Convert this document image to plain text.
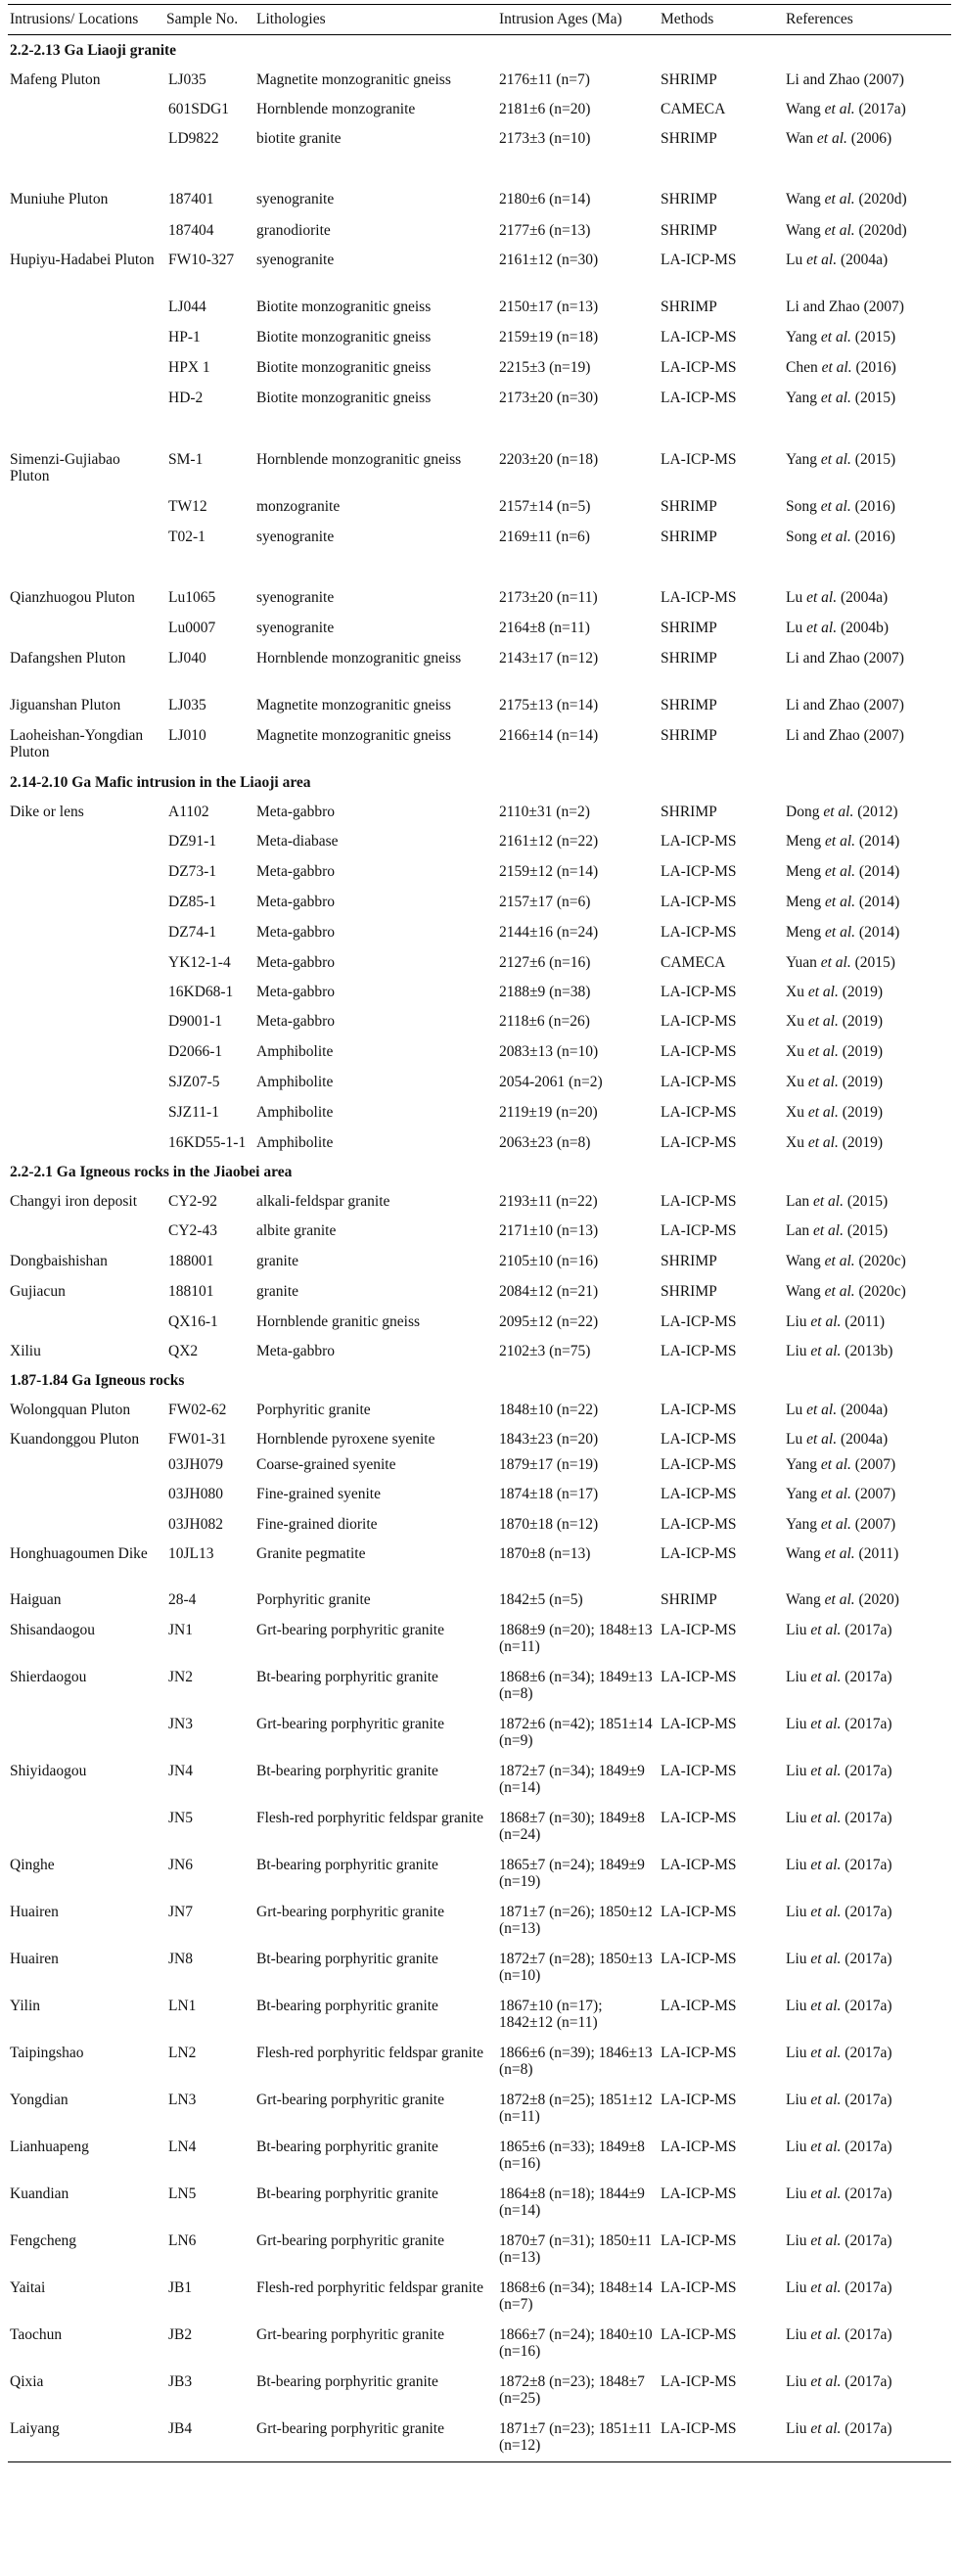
Intrusions/ Locations	Sample No.	Lithologies	Intrusion Ages (Ma)	Methods	References
2.2-2.13 Ga Liaoji granite					
Mafeng Pluton	LJ035	Magnetite monzogranitic gneiss	2176±11 (n=7)	SHRIMP	Li and Zhao (2007)
	601SDG1	Hornblende monzogranite	2181±6 (n=20)	CAMECA	Wang et al. (2017a)
	LD9822	biotite granite	2173±3 (n=10)	SHRIMP	Wan et al. (2006)
Muniuhe Pluton	187401	syenogranite	2180±6 (n=14)	SHRIMP	Wang et al. (2020d)
	187404	granodiorite	2177±6 (n=13)	SHRIMP	Wang et al. (2020d)
Hupiyu-Hadabei Pluton	FW10-327	syenogranite	2161±12 (n=30)	LA-ICP-MS	Lu et al. (2004a)
	LJ044	Biotite monzogranitic gneiss	2150±17 (n=13)	SHRIMP	Li and Zhao (2007)
	HP-1	Biotite monzogranitic gneiss	2159±19 (n=18)	LA-ICP-MS	Yang et al. (2015)
	HPX 1	Biotite monzogranitic gneiss	2215±3 (n=19)	LA-ICP-MS	Chen et al. (2016)
	HD-2	Biotite monzogranitic gneiss	2173±20 (n=30)	LA-ICP-MS	Yang et al. (2015)
Simenzi-Gujiabao Pluton	SM-1	Hornblende monzogranitic gneiss	2203±20 (n=18)	LA-ICP-MS	Yang et al. (2015)
	TW12	monzogranite	2157±14 (n=5)	SHRIMP	Song et al. (2016)
	T02-1	syenogranite	2169±11 (n=6)	SHRIMP	Song et al. (2016)
Qianzhuogou Pluton	Lu1065	syenogranite	2173±20 (n=11)	LA-ICP-MS	Lu et al. (2004a)
	Lu0007	syenogranite	2164±8 (n=11)	SHRIMP	Lu et al. (2004b)
Dafangshen Pluton	LJ040	Hornblende monzogranitic gneiss	2143±17 (n=12)	SHRIMP	Li and Zhao (2007)
Jiguanshan Pluton	LJ035	Magnetite monzogranitic gneiss	2175±13 (n=14)	SHRIMP	Li and Zhao (2007)
Laoheishan-Yongdian Pluton	LJ010	Magnetite monzogranitic gneiss	2166±14 (n=14)	SHRIMP	Li and Zhao (2007)
2.14-2.10 Ga Mafic intrusion in the Liaoji area					
Dike or lens	A1102	Meta-gabbro	2110±31 (n=2)	SHRIMP	Dong et al. (2012)
	DZ91-1	Meta-diabase	2161±12 (n=22)	LA-ICP-MS	Meng et al. (2014)
	DZ73-1	Meta-gabbro	2159±12 (n=14)	LA-ICP-MS	Meng et al. (2014)
	DZ85-1	Meta-gabbro	2157±17 (n=6)	LA-ICP-MS	Meng et al. (2014)
	DZ74-1	Meta-gabbro	2144±16 (n=24)	LA-ICP-MS	Meng et al. (2014)
	YK12-1-4	Meta-gabbro	2127±6 (n=16)	CAMECA	Yuan et al. (2015)
	16KD68-1	Meta-gabbro	2188±9 (n=38)	LA-ICP-MS	Xu et al. (2019)
	D9001-1	Meta-gabbro	2118±6 (n=26)	LA-ICP-MS	Xu et al. (2019)
	D2066-1	Amphibolite	2083±13 (n=10)	LA-ICP-MS	Xu et al. (2019)
	SJZ07-5	Amphibolite	2054-2061 (n=2)	LA-ICP-MS	Xu et al. (2019)
	SJZ11-1	Amphibolite	2119±19 (n=20)	LA-ICP-MS	Xu et al. (2019)
	16KD55-1-1	Amphibolite	2063±23 (n=8)	LA-ICP-MS	Xu et al. (2019)
2.2-2.1 Ga Igneous rocks in the Jiaobei area					
Changyi iron deposit	CY2-92	alkali-feldspar granite	2193±11 (n=22)	LA-ICP-MS	Lan et al. (2015)
	CY2-43	albite granite	2171±10 (n=13)	LA-ICP-MS	Lan et al. (2015)
Dongbaishishan	188001	granite	2105±10 (n=16)	SHRIMP	Wang et al. (2020c)
Gujiacun	188101	granite	2084±12 (n=21)	SHRIMP	Wang et al. (2020c)
	QX16-1	Hornblende granitic gneiss	2095±12 (n=22)	LA-ICP-MS	Liu et al. (2011)
Xiliu	QX2	Meta-gabbro	2102±3 (n=75)	LA-ICP-MS	Liu et al. (2013b)
1.87-1.84 Ga Igneous rocks					
Wolongquan Pluton	FW02-62	Porphyritic granite	1848±10 (n=22)	LA-ICP-MS	Lu et al. (2004a)
Kuandonggou Pluton	FW01-31	Hornblende pyroxene syenite	1843±23 (n=20)	LA-ICP-MS	Lu et al. (2004a)
	03JH079	Coarse-grained syenite	1879±17 (n=19)	LA-ICP-MS	Yang et al. (2007)
	03JH080	Fine-grained syenite	1874±18 (n=17)	LA-ICP-MS	Yang et al. (2007)
	03JH082	Fine-grained diorite	1870±18 (n=12)	LA-ICP-MS	Yang et al. (2007)
Honghuagoumen Dike	10JL13	Granite pegmatite	1870±8 (n=13)	LA-ICP-MS	Wang et al. (2011)
Haiguan	28-4	Porphyritic granite	1842±5 (n=5)	SHRIMP	Wang et al. (2020)
Shisandaogou	JN1	Grt-bearing porphyritic granite	1868±9 (n=20); 1848±13 (n=11)	LA-ICP-MS	Liu et al. (2017a)
Shierdaogou	JN2	Bt-bearing porphyritic granite	1868±6 (n=34); 1849±13 (n=8)	LA-ICP-MS	Liu et al. (2017a)
	JN3	Grt-bearing porphyritic granite	1872±6 (n=42); 1851±14 (n=9)	LA-ICP-MS	Liu et al. (2017a)
Shiyidaogou	JN4	Bt-bearing porphyritic granite	1872±7 (n=34); 1849±9 (n=14)	LA-ICP-MS	Liu et al. (2017a)
	JN5	Flesh-red porphyritic feldspar granite	1868±7 (n=30); 1849±8 (n=24)	LA-ICP-MS	Liu et al. (2017a)
Qinghe	JN6	Bt-bearing porphyritic granite	1865±7 (n=24); 1849±9 (n=19)	LA-ICP-MS	Liu et al. (2017a)
Huairen	JN7	Grt-bearing porphyritic granite	1871±7 (n=26); 1850±12 (n=13)	LA-ICP-MS	Liu et al. (2017a)
Huairen	JN8	Bt-bearing porphyritic granite	1872±7 (n=28); 1850±13 (n=10)	LA-ICP-MS	Liu et al. (2017a)
Yilin	LN1	Bt-bearing porphyritic granite	1867±10 (n=17); 1842±12 (n=11)	LA-ICP-MS	Liu et al. (2017a)
Taipingshao	LN2	Flesh-red porphyritic feldspar granite	1866±6 (n=39); 1846±13 (n=8)	LA-ICP-MS	Liu et al. (2017a)
Yongdian	LN3	Grt-bearing porphyritic granite	1872±8 (n=25); 1851±12 (n=11)	LA-ICP-MS	Liu et al. (2017a)
Lianhuapeng	LN4	Bt-bearing porphyritic granite	1865±6 (n=33); 1849±8 (n=16)	LA-ICP-MS	Liu et al. (2017a)
Kuandian	LN5	Bt-bearing porphyritic granite	1864±8 (n=18); 1844±9 (n=14)	LA-ICP-MS	Liu et al. (2017a)
Fengcheng	LN6	Grt-bearing porphyritic granite	1870±7 (n=31); 1850±11 (n=13)	LA-ICP-MS	Liu et al. (2017a)
Yaitai	JB1	Flesh-red porphyritic feldspar granite	1868±6 (n=34); 1848±14 (n=7)	LA-ICP-MS	Liu et al. (2017a)
Taochun	JB2	Grt-bearing porphyritic granite	1866±7 (n=24); 1840±10 (n=16)	LA-ICP-MS	Liu et al. (2017a)
Qixia	JB3	Bt-bearing porphyritic granite	1872±8 (n=23); 1848±7 (n=25)	LA-ICP-MS	Liu et al. (2017a)
Laiyang	JB4	Grt-bearing porphyritic granite	1871±7 (n=23); 1851±11 (n=12)	LA-ICP-MS	Liu et al. (2017a)
